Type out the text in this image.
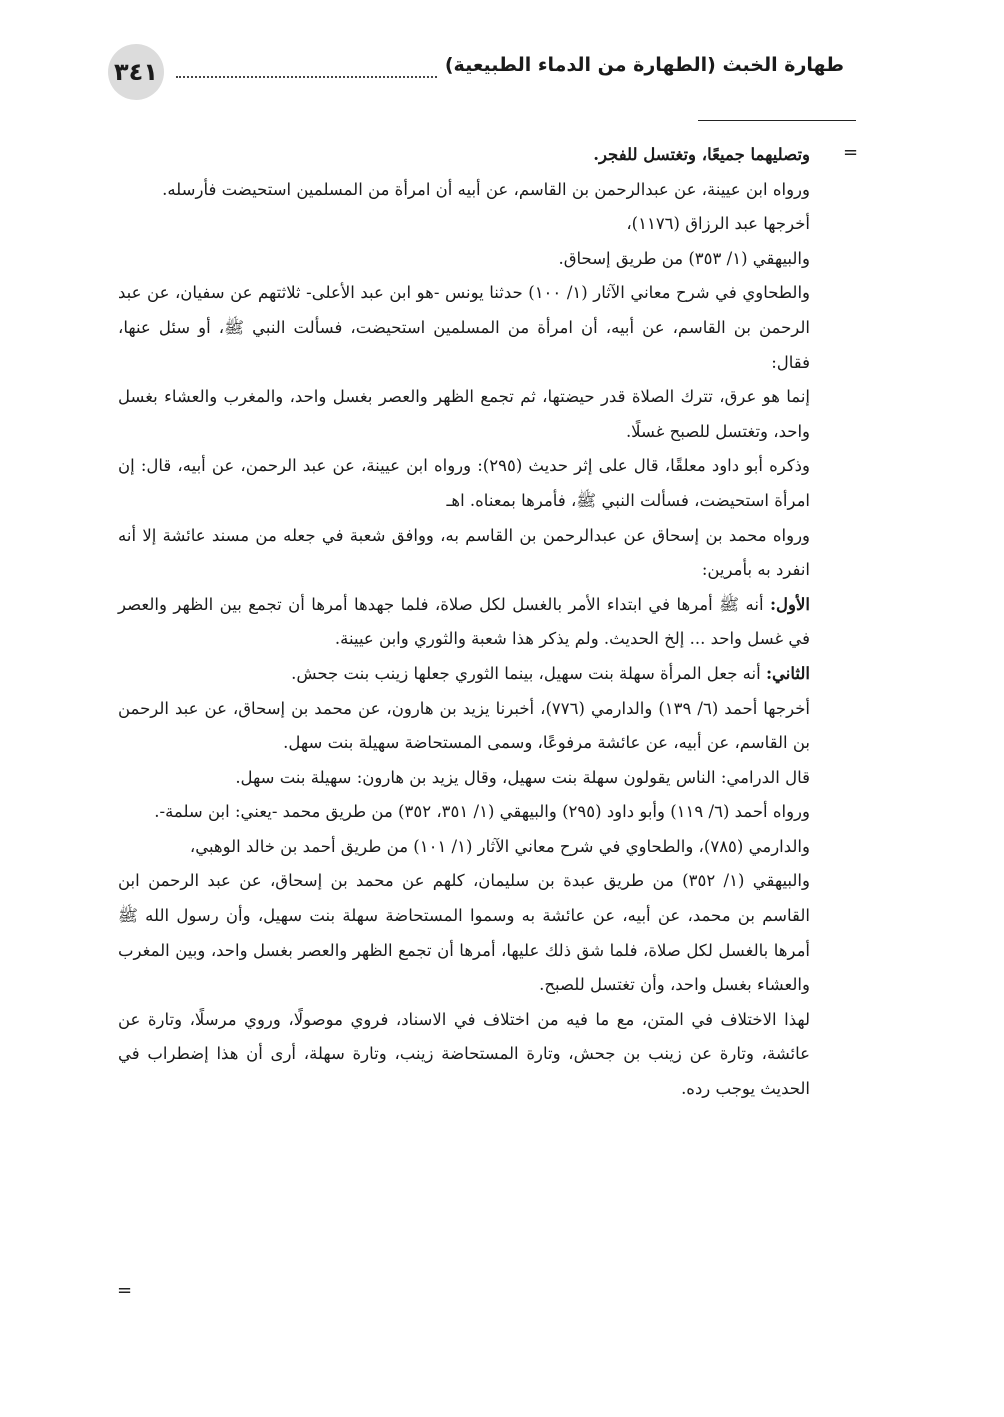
٣٤١	طهارة الخبث (الطهارة من الدماء الطبيعية)
=
=

وتصليهما جميعًا، وتغتسل للفجر.

ورواه ابن عيينة، عن عبدالرحمن بن القاسم، عن أبيه أن امرأة من المسلمين استحيضت فأرسله.

أخرجها عبد الرزاق (١١٧٦)،

والبيهقي (١/ ٣٥٣) من طريق إسحاق.

والطحاوي في شرح معاني الآثار (١/ ١٠٠) حدثنا يونس -هو ابن عبد الأعلى- ثلاثتهم عن سفيان، عن عبد الرحمن بن القاسم، عن أبيه، أن امرأة من المسلمين استحيضت، فسألت النبي ﷺ، أو سئل عنها، فقال:

إنما هو عرق، تترك الصلاة قدر حيضتها، ثم تجمع الظهر والعصر بغسل واحد، والمغرب والعشاء بغسل واحد، وتغتسل للصبح غسلًا.

وذكره أبو داود معلقًا، قال على إثر حديث (٢٩٥): ورواه ابن عيينة، عن عبد الرحمن، عن أبيه، قال: إن امرأة استحيضت، فسألت النبي ﷺ، فأمرها بمعناه. اهـ

ورواه محمد بن إسحاق عن عبدالرحمن بن القاسم به، ووافق شعبة في جعله من مسند عائشة إلا أنه انفرد به بأمرين:

الأول: أنه ﷺ أمرها في ابتداء الأمر بالغسل لكل صلاة، فلما جهدها أمرها أن تجمع بين الظهر والعصر في غسل واحد ... إلخ الحديث. ولم يذكر هذا شعبة والثوري وابن عيينة.

الثاني: أنه جعل المرأة سهلة بنت سهيل، بينما الثوري جعلها زينب بنت جحش.

أخرجها أحمد (٦/ ١٣٩) والدارمي (٧٧٦)، أخبرنا يزيد بن هارون، عن محمد بن إسحاق، عن عبد الرحمن بن القاسم، عن أبيه، عن عائشة مرفوعًا، وسمى المستحاضة سهيلة بنت سهل.

قال الدرامي: الناس يقولون سهلة بنت سهيل، وقال يزيد بن هارون: سهيلة بنت سهل.

ورواه أحمد (٦/ ١١٩) وأبو داود (٢٩٥) والبيهقي (١/ ٣٥١، ٣٥٢) من طريق محمد -يعني: ابن سلمة-.

والدارمي (٧٨٥)، والطحاوي في شرح معاني الآثار (١/ ١٠١) من طريق أحمد بن خالد الوهبي،

والبيهقي (١/ ٣٥٢) من طريق عبدة بن سليمان، كلهم عن محمد بن إسحاق، عن عبد الرحمن ابن القاسم بن محمد، عن أبيه، عن عائشة به وسموا المستحاضة سهلة بنت سهيل، وأن رسول الله ﷺ أمرها بالغسل لكل صلاة، فلما شق ذلك عليها، أمرها أن تجمع الظهر والعصر بغسل واحد، وبين المغرب والعشاء بغسل واحد، وأن تغتسل للصبح.

لهذا الاختلاف في المتن، مع ما فيه من اختلاف في الاسناد، فروي موصولًا، وروي مرسلًا، وتارة عن عائشة، وتارة عن زينب بن جحش، وتارة المستحاضة زينب، وتارة سهلة، أرى أن هذا إضطراب في الحديث يوجب رده.
